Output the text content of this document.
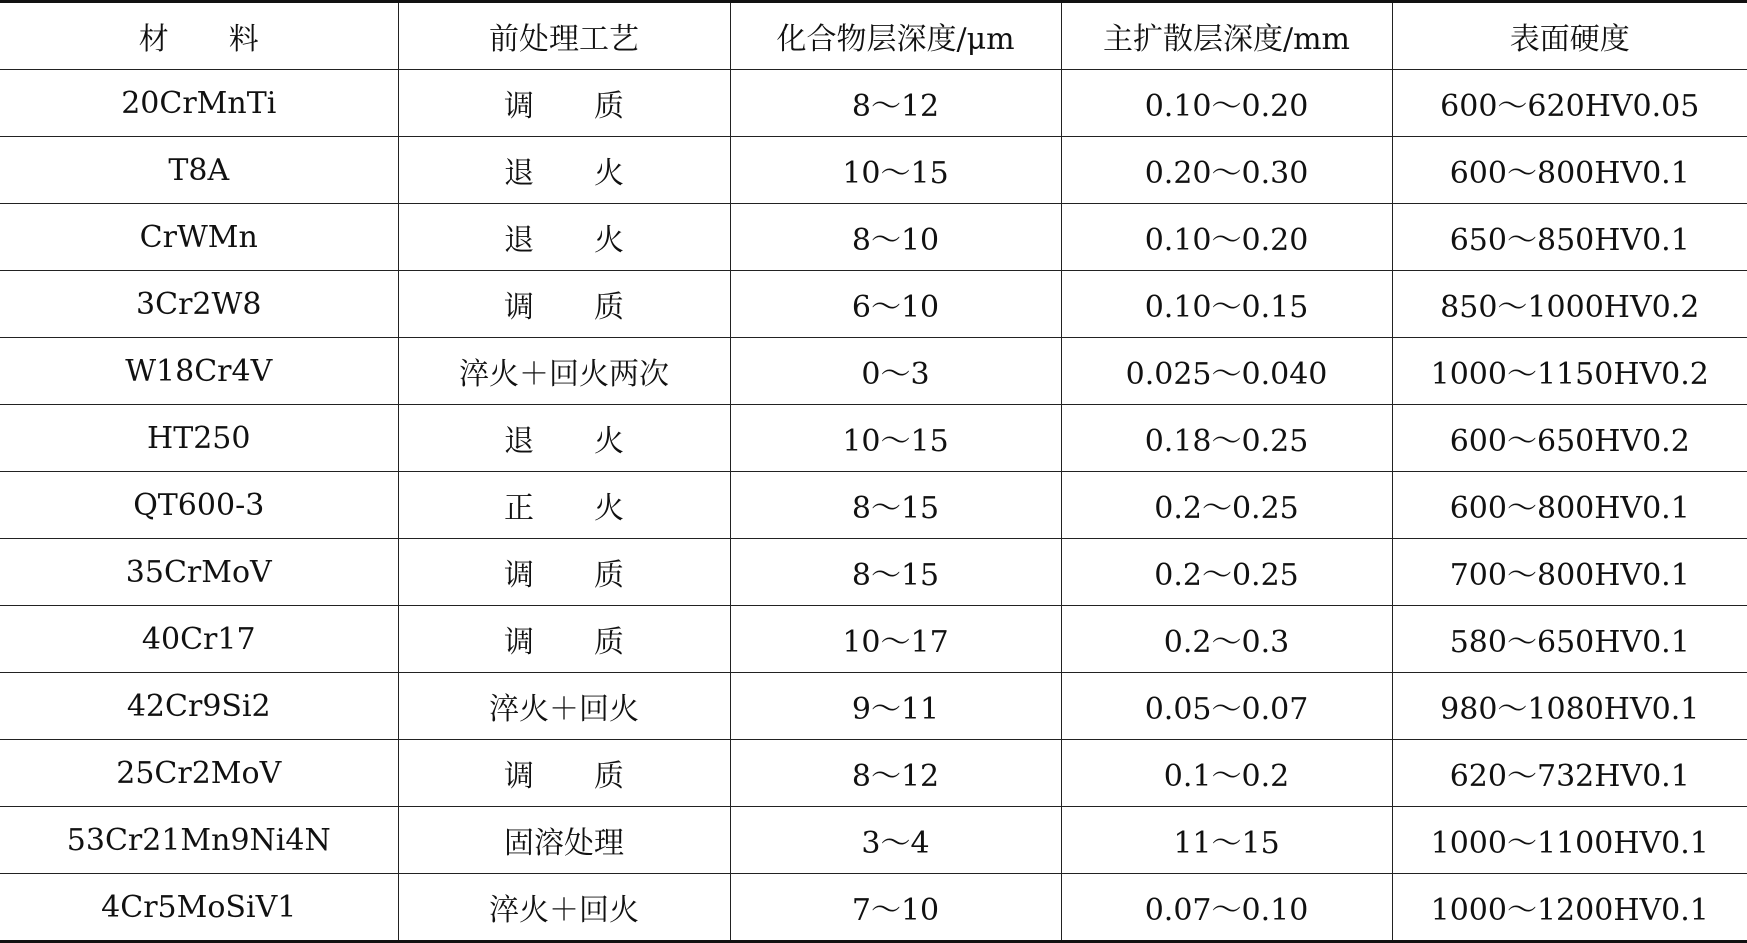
材　　料	前处理工艺	化合物层深度/μm	主扩散层深度/mm	表面硬度
20CrMnTi	调　　质	8～12	0.10～0.20	600～620HV0.05
T8A	退　　火	10～15	0.20～0.30	600～800HV0.1
CrWMn	退　　火	8～10	0.10～0.20	650～850HV0.1
3Cr2W8	调　　质	6～10	0.10～0.15	850～1000HV0.2
W18Cr4V	淬火＋回火两次	0～3	0.025～0.040	1000～1150HV0.2
HT250	退　　火	10～15	0.18～0.25	600～650HV0.2
QT600-3	正　　火	8～15	0.2～0.25	600～800HV0.1
35CrMoV	调　　质	8～15	0.2～0.25	700～800HV0.1
40Cr17	调　　质	10～17	0.2～0.3	580～650HV0.1
42Cr9Si2	淬火＋回火	9～11	0.05～0.07	980～1080HV0.1
25Cr2MoV	调　　质	8～12	0.1～0.2	620～732HV0.1
53Cr21Mn9Ni4N	固溶处理	3～4	11～15	1000～1100HV0.1
4Cr5MoSiV1	淬火＋回火	7～10	0.07～0.10	1000～1200HV0.1
